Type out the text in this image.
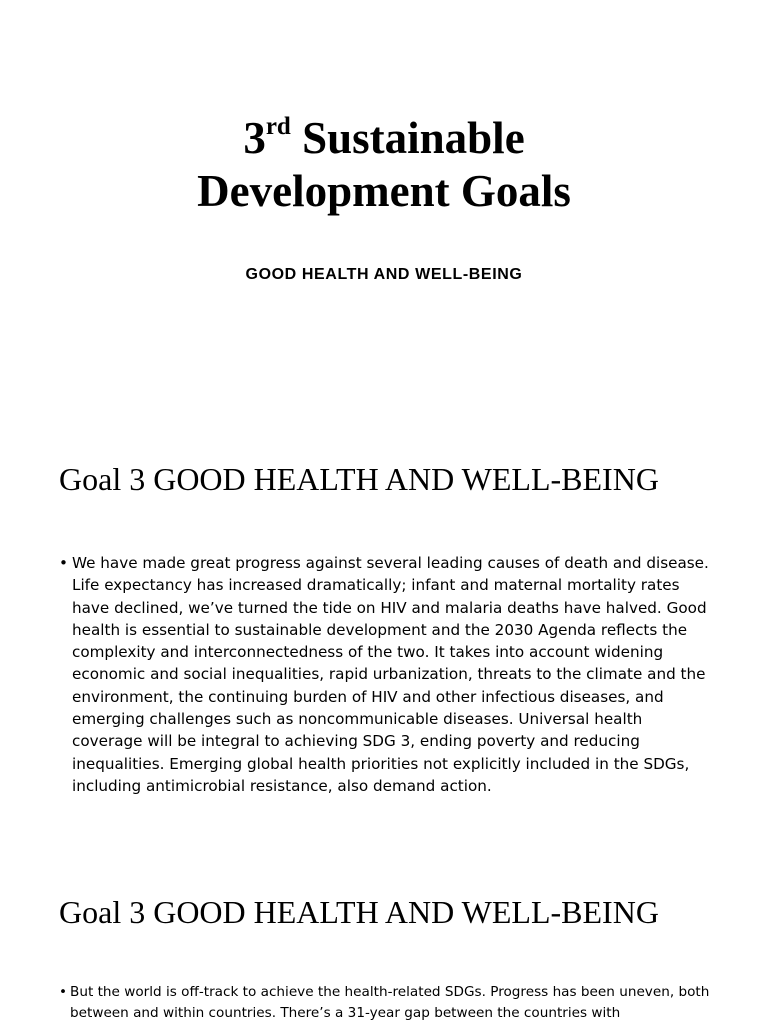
3rd Sustainable
Development Goals

GOOD HEALTH AND WELL-BEING

Goal 3 GOOD HEALTH AND WELL-BEING
• We have made great progress against several leading causes of death and disease. Life expectancy has increased dramatically; infant and maternal mortality rates have declined, we’ve turned the tide on HIV and malaria deaths have halved. Good health is essential to sustainable development and the 2030 Agenda reflects the complexity and interconnectedness of the two. It takes into account widening economic and social inequalities, rapid urbanization, threats to the climate and the environment, the continuing burden of HIV and other infectious diseases, and emerging challenges such as noncommunicable diseases. Universal health coverage will be integral to achieving SDG 3, ending poverty and reducing inequalities. Emerging global health priorities not explicitly included in the SDGs, including antimicrobial resistance, also demand action.
Goal 3 GOOD HEALTH AND WELL-BEING
• But the world is off-track to achieve the health-related SDGs. Progress has been uneven, both between and within countries. There’s a 31-year gap between the countries with
